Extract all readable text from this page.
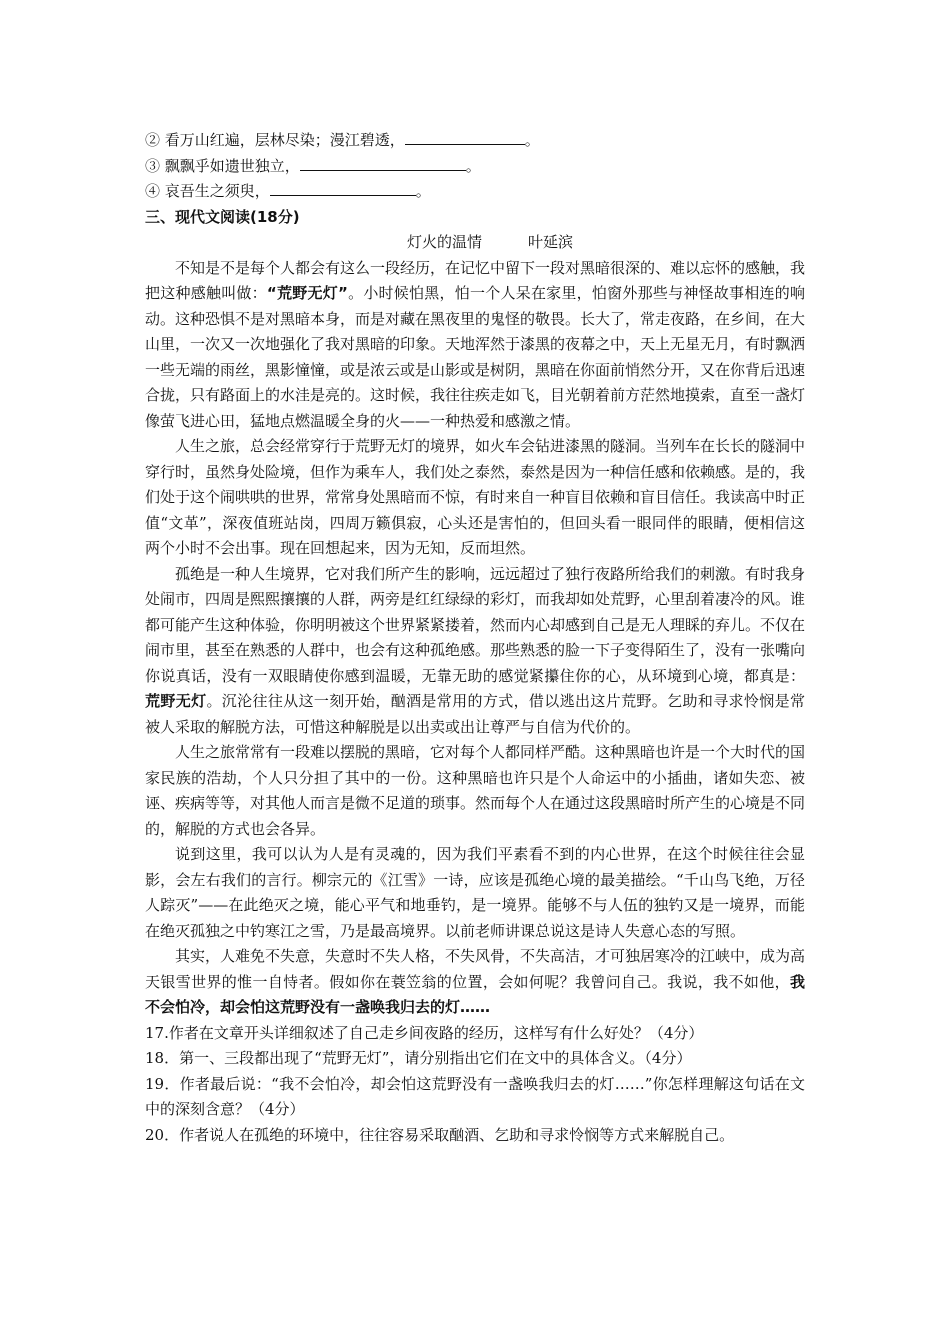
② 看万山红遍，层林尽染；漫江碧透，	。
③ 飘飘乎如遗世独立，	。
④ 哀吾生之须臾，	。
三、现代文阅读(18分)
灯火的温情	叶延滨

不知是不是每个人都会有这么一段经历，在记忆中留下一段对黑暗很深的、难以忘怀的感触，我把这种感触叫做：“荒野无灯”。小时候怕黑，怕一个人呆在家里，怕窗外那些与神怪故事相连的响动。这种恐惧不是对黑暗本身，而是对藏在黑夜里的鬼怪的敬畏。长大了，常走夜路，在乡间，在大山里，一次又一次地强化了我对黑暗的印象。天地浑然于漆黑的夜幕之中，天上无星无月，有时飘洒一些无端的雨丝，黑影憧憧，或是浓云或是山影或是树阴，黑暗在你面前悄然分开，又在你背后迅速合拢，只有路面上的水洼是亮的。这时候，我往往疾走如飞，目光朝着前方茫然地摸索，直至一盏灯像萤飞进心田，猛地点燃温暖全身的火——一种热爱和感激之情。

人生之旅，总会经常穿行于荒野无灯的境界，如火车会钻进漆黑的隧洞。当列车在长长的隧洞中穿行时，虽然身处险境，但作为乘车人，我们处之泰然，泰然是因为一种信任感和依赖感。是的，我们处于这个闹哄哄的世界，常常身处黑暗而不惊，有时来自一种盲目依赖和盲目信任。我读高中时正值“文革”，深夜值班站岗，四周万籁俱寂，心头还是害怕的，但回头看一眼同伴的眼睛，便相信这两个小时不会出事。现在回想起来，因为无知，反而坦然。

孤绝是一种人生境界，它对我们所产生的影响，远远超过了独行夜路所给我们的刺激。有时我身处闹市，四周是熙熙攘攘的人群，两旁是红红绿绿的彩灯，而我却如处荒野，心里刮着凄冷的风。谁都可能产生这种体验，你明明被这个世界紧紧搂着，然而内心却感到自己是无人理睬的弃儿。不仅在闹市里，甚至在熟悉的人群中，也会有这种孤绝感。那些熟悉的脸一下子变得陌生了，没有一张嘴向你说真话，没有一双眼睛使你感到温暖，无靠无助的感觉紧攥住你的心，从环境到心境，都真是：荒野无灯。沉沦往往从这一刻开始，酗酒是常用的方式，借以逃出这片荒野。乞助和寻求怜悯是常被人采取的解脱方法，可惜这种解脱是以出卖或出让尊严与自信为代价的。

人生之旅常常有一段难以摆脱的黑暗，它对每个人都同样严酷。这种黑暗也许是一个大时代的国家民族的浩劫，个人只分担了其中的一份。这种黑暗也许只是个人命运中的小插曲，诸如失恋、被诬、疾病等等，对其他人而言是微不足道的琐事。然而每个人在通过这段黑暗时所产生的心境是不同的，解脱的方式也会各异。

说到这里，我可以认为人是有灵魂的，因为我们平素看不到的内心世界，在这个时候往往会显影，会左右我们的言行。柳宗元的《江雪》一诗，应该是孤绝心境的最美描绘。“千山鸟飞绝，万径人踪灭”——在此绝灭之境，能心平气和地垂钓，是一境界。能够不与人伍的独钓又是一境界，而能在绝灭孤独之中钓寒江之雪，乃是最高境界。以前老师讲课总说这是诗人失意心态的写照。

其实，人难免不失意，失意时不失人格，不失风骨，不失高洁，才可独居寒冷的江峡中，成为高天银雪世界的惟一自恃者。假如你在蓑笠翁的位置，会如何呢？我曾问自己。我说，我不如他，我不会怕冷，却会怕这荒野没有一盏唤我归去的灯……

17.作者在文章开头详细叙述了自己走乡间夜路的经历，这样写有什么好处？（4分）

18．第一、三段都出现了“荒野无灯”，请分别指出它们在文中的具体含义。（4分）

19．作者最后说：“我不会怕冷，却会怕这荒野没有一盏唤我归去的灯……”你怎样理解这句话在文中的深刻含意？（4分）

20．作者说人在孤绝的环境中，往往容易采取酗酒、乞助和寻求怜悯等方式来解脱自己。
